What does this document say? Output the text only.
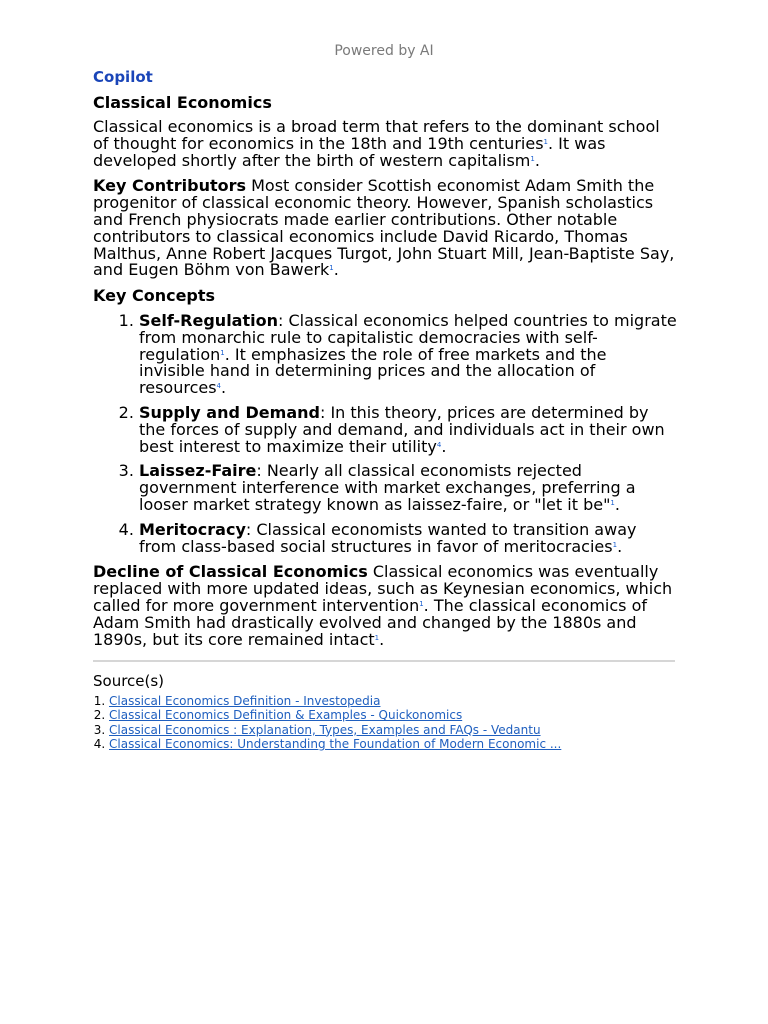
Powered by AI
Copilot
Classical Economics

Classical economics is a broad term that refers to the dominant school of thought for economics in the 18th and 19th centuries$^1$. It was developed shortly after the birth of western capitalism$^1$.

Key Contributors Most consider Scottish economist Adam Smith the progenitor of classical economic theory. However, Spanish scholastics and French physiocrats made earlier contributions. Other notable contributors to classical economics include David Ricardo, Thomas Malthus, Anne Robert Jacques Turgot, John Stuart Mill, Jean-Baptiste Say, and Eugen Böhm von Bawerk$^1$.

Key Concepts
1. Self-Regulation: Classical economics helped countries to migrate from monarchic rule to capitalistic democracies with self-regulation$^1$. It emphasizes the role of free markets and the invisible hand in determining prices and the allocation of resources$^4$.
2. Supply and Demand: In this theory, prices are determined by the forces of supply and demand, and individuals act in their own best interest to maximize their utility$^4$.
3. Laissez-Faire: Nearly all classical economists rejected government interference with market exchanges, preferring a looser market strategy known as laissez-faire, or "let it be"$^1$.
4. Meritocracy: Classical economists wanted to transition away from class-based social structures in favor of meritocracies$^1$.

Decline of Classical Economics Classical economics was eventually replaced with more updated ideas, such as Keynesian economics, which called for more government intervention$^1$. The classical economics of Adam Smith had drastically evolved and changed by the 1880s and 1890s, but its core remained intact$^1$.

Source(s)
1. Classical Economics Definition - Investopedia
2. Classical Economics Definition & Examples - Quickonomics
3. Classical Economics : Explanation, Types, Examples and FAQs - Vedantu
4. Classical Economics: Understanding the Foundation of Modern Economic ...
